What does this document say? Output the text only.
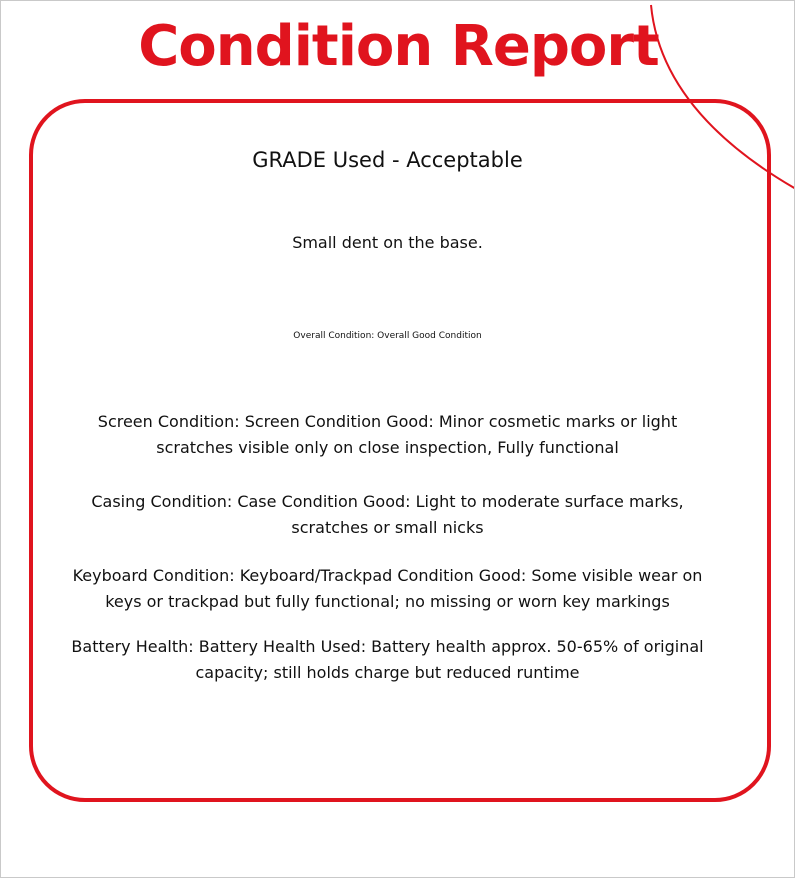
Condition Report
GRADE Used - Acceptable
Small dent on the base.
Overall Condition: Overall Good Condition
Screen Condition: Screen Condition Good: Minor cosmetic marks or light scratches visible only on close inspection, Fully functional
Casing Condition: Case Condition Good: Light to moderate surface marks, scratches or small nicks
Keyboard Condition: Keyboard/Trackpad Condition Good: Some visible wear on keys or trackpad but fully functional; no missing or worn key markings
Battery Health: Battery Health Used: Battery health approx. 50-65% of original capacity; still holds charge but reduced runtime
